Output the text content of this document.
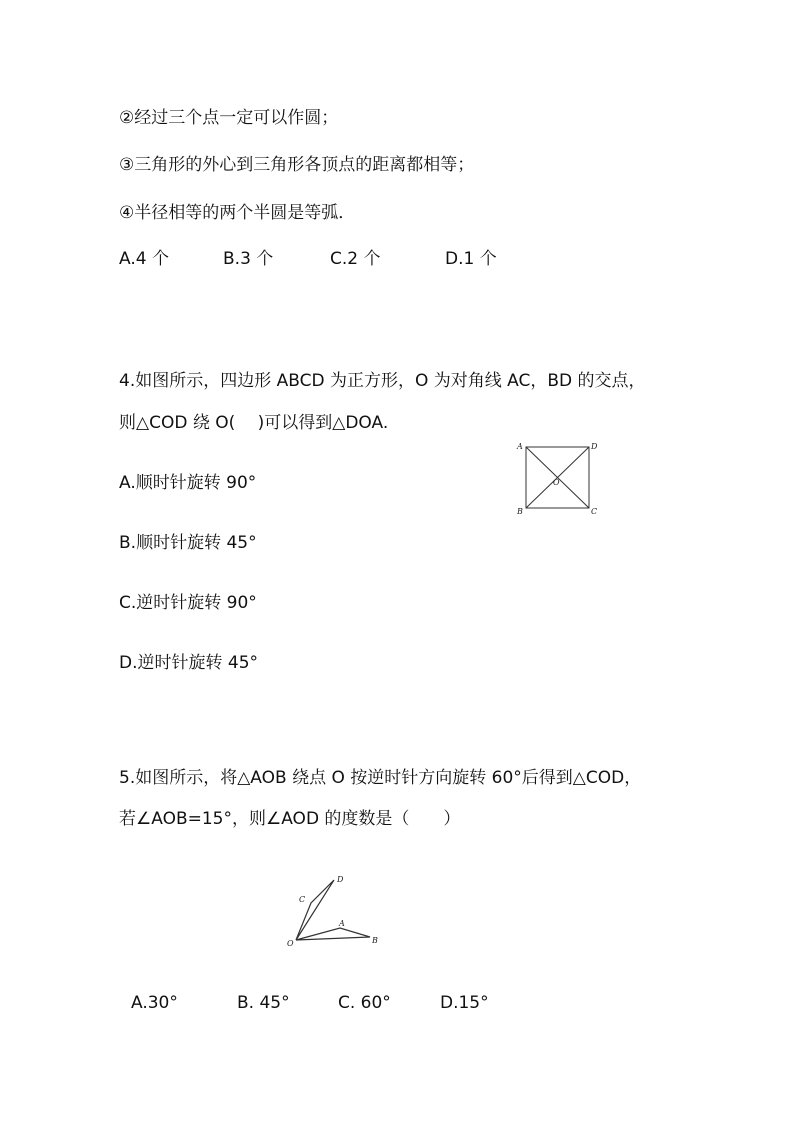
②经过三个点一定可以作圆；
③三角形的外心到三角形各顶点的距离都相等；
④半径相等的两个半圆是等弧．
A.4 个	B.3 个	C.2 个	D.1 个
4.如图所示，四边形 ABCD 为正方形，O 为对角线 AC，BD 的交点，
则△COD 绕 O(　 )可以得到△DOA.
A.顺时针旋转 90°
B.顺时针旋转 45°
C.逆时针旋转 90°
D.逆时针旋转 45°
A	D
B	C
O
5.如图所示，将△AOB 绕点 O 按逆时针方向旋转 60°后得到△COD，
若∠AOB=15°，则∠AOD 的度数是（　　）
O
A
B
C
D
A.30°	B. 45°	C. 60°	D.15°
